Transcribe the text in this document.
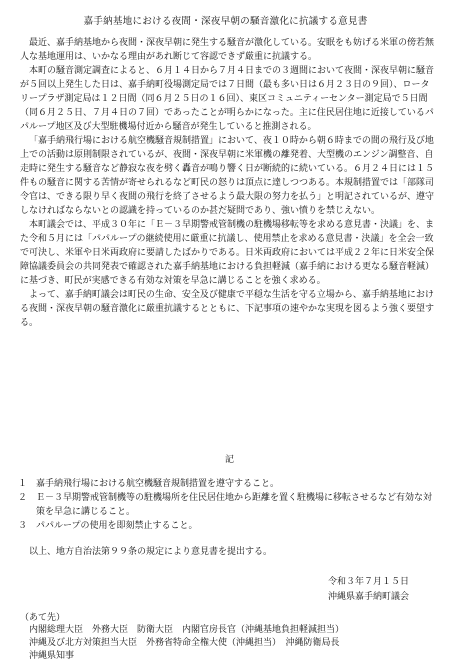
嘉手納基地における夜間・深夜早朝の騒音激化に抗議する意見書

最近、嘉手納基地から夜間・深夜早朝に発生する騒音が激化している。安眠をも妨げる米軍の傍若無人な基地運用は、いかなる理由があれ断じて容認できず厳重に抗議する。

本町の騒音測定調査によると、６月１４日から７月４日までの３週間において夜間・深夜早朝に騒音が５回以上発生した日は、嘉手納町役場測定局では７日間（最も多い日は６月２３日の９回）、ロータリープラザ測定局は１２日間（同６月２５日の１６回）、東区コミュニティーセンター測定局で５日間（同６月２５日、７月４日の７回）であったことが明らかになった。主に住民居住地に近接しているパパループ地区及び大型駐機場付近から騒音が発生していると推測される。

「嘉手納飛行場における航空機騒音規制措置」において、夜１０時から朝６時までの間の飛行及び地上での活動は原則制限されているが、夜間・深夜早朝に米軍機の離発着、大型機のエンジン調整音、自走時に発生する騒音など静寂な夜を劈く轟音が鳴り響く日が断続的に続いている。６月２４日には１５件もの騒音に関する苦情が寄せられるなど町民の怒りは頂点に達しつつある。本規制措置では「部隊司令官は、できる限り早く夜間の飛行を終了させるよう最大限の努力を払う」と明記されているが、遵守しなければならないとの認識を持っているのか甚だ疑問であり、強い憤りを禁じえない。

本町議会では、平成３０年に「Ｅ－３早期警戒管制機の駐機場移転等を求める意見書・決議」を、また令和５月には「パパループの継続使用に厳重に抗議し、使用禁止を求める意見書・決議」を全会一致で可決し、米軍や日米両政府に要請したばかりである。日米両政府においては平成２２年に日米安全保障協議委員会の共同発表で確認された嘉手納基地における負担軽減（嘉手納における更なる騒音軽減）に基づき、町民が実感できる有効な対策を早急に講じることを強く求める。

よって、嘉手納町議会は町民の生命、安全及び健康で平穏な生活を守る立場から、嘉手納基地における夜間・深夜早朝の騒音激化に厳重抗議するとともに、下記事項の速やかな実現を図るよう強く要望する。

記
１ 嘉手納飛行場における航空機騒音規制措置を遵守すること。
２ Ｅ－３早期警戒管制機等の駐機場所を住民居住地から距離を置く駐機場に移転させるなど有効な対策を早急に講じること。
３ パパループの使用を即刻禁止すること。
以上、地方自治法第９９条の規定により意見書を提出する。
令和３年７月１５日
沖縄県嘉手納町議会
（あて先）
内閣総理大臣　外務大臣　防衛大臣　内閣官房長官（沖縄基地負担軽減担当）
沖縄及び北方対策担当大臣　外務省特命全権大使（沖縄担当）　沖縄防衛局長
沖縄県知事
